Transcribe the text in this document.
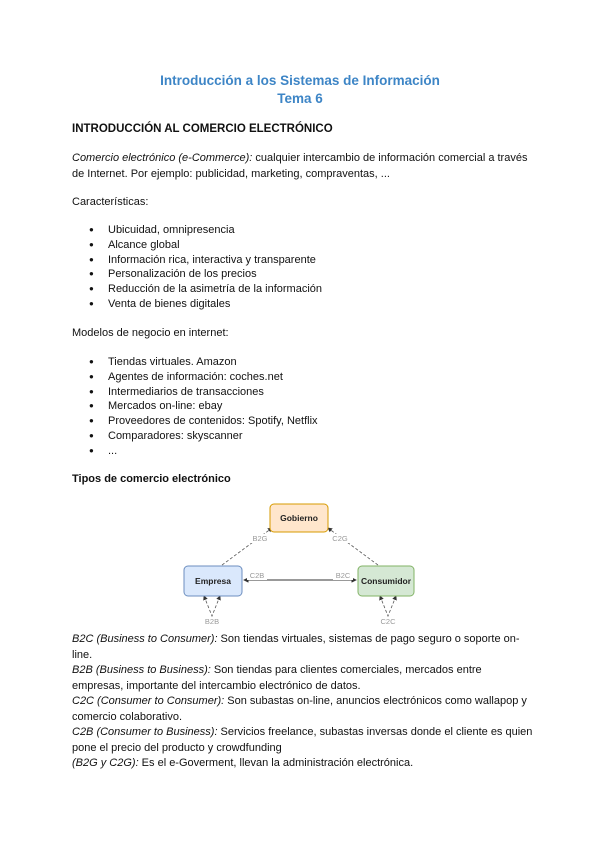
Introducción a los Sistemas de Información
Tema 6
INTRODUCCIÓN AL COMERCIO ELECTRÓNICO
Comercio electrónico (e-Commerce): cualquier intercambio de información comercial a través de Internet. Por ejemplo: publicidad, marketing, compraventas, ...
Características:
● Ubicuidad, omnipresencia
● Alcance global
● Información rica, interactiva y transparente
● Personalización de los precios
● Reducción de la asimetría de la información
● Venta de bienes digitales
Modelos de negocio en internet:
● Tiendas virtuales. Amazon
● Agentes de información: coches.net
● Intermediarios de transacciones
● Mercados on-line: ebay
● Proveedores de contenidos: Spotify, Netflix
● Comparadores: skyscanner
● ...
Tipos de comercio electrónico
Gobierno
Empresa	Consumidor
B2G	C2G
C2B	B2C
B2B	C2C

B2C (Business to Consumer): Son tiendas virtuales, sistemas de pago seguro o soporte on-line.

B2B (Business to Business): Son tiendas para clientes comerciales, mercados entre empresas, importante del intercambio electrónico de datos.

C2C (Consumer to Consumer): Son subastas on-line, anuncios electrónicos como wallapop y comercio colaborativo.

C2B (Consumer to Business): Servicios freelance, subastas inversas donde el cliente es quien pone el precio del producto y crowdfunding

(B2G y C2G): Es el e-Goverment, llevan la administración electrónica.
